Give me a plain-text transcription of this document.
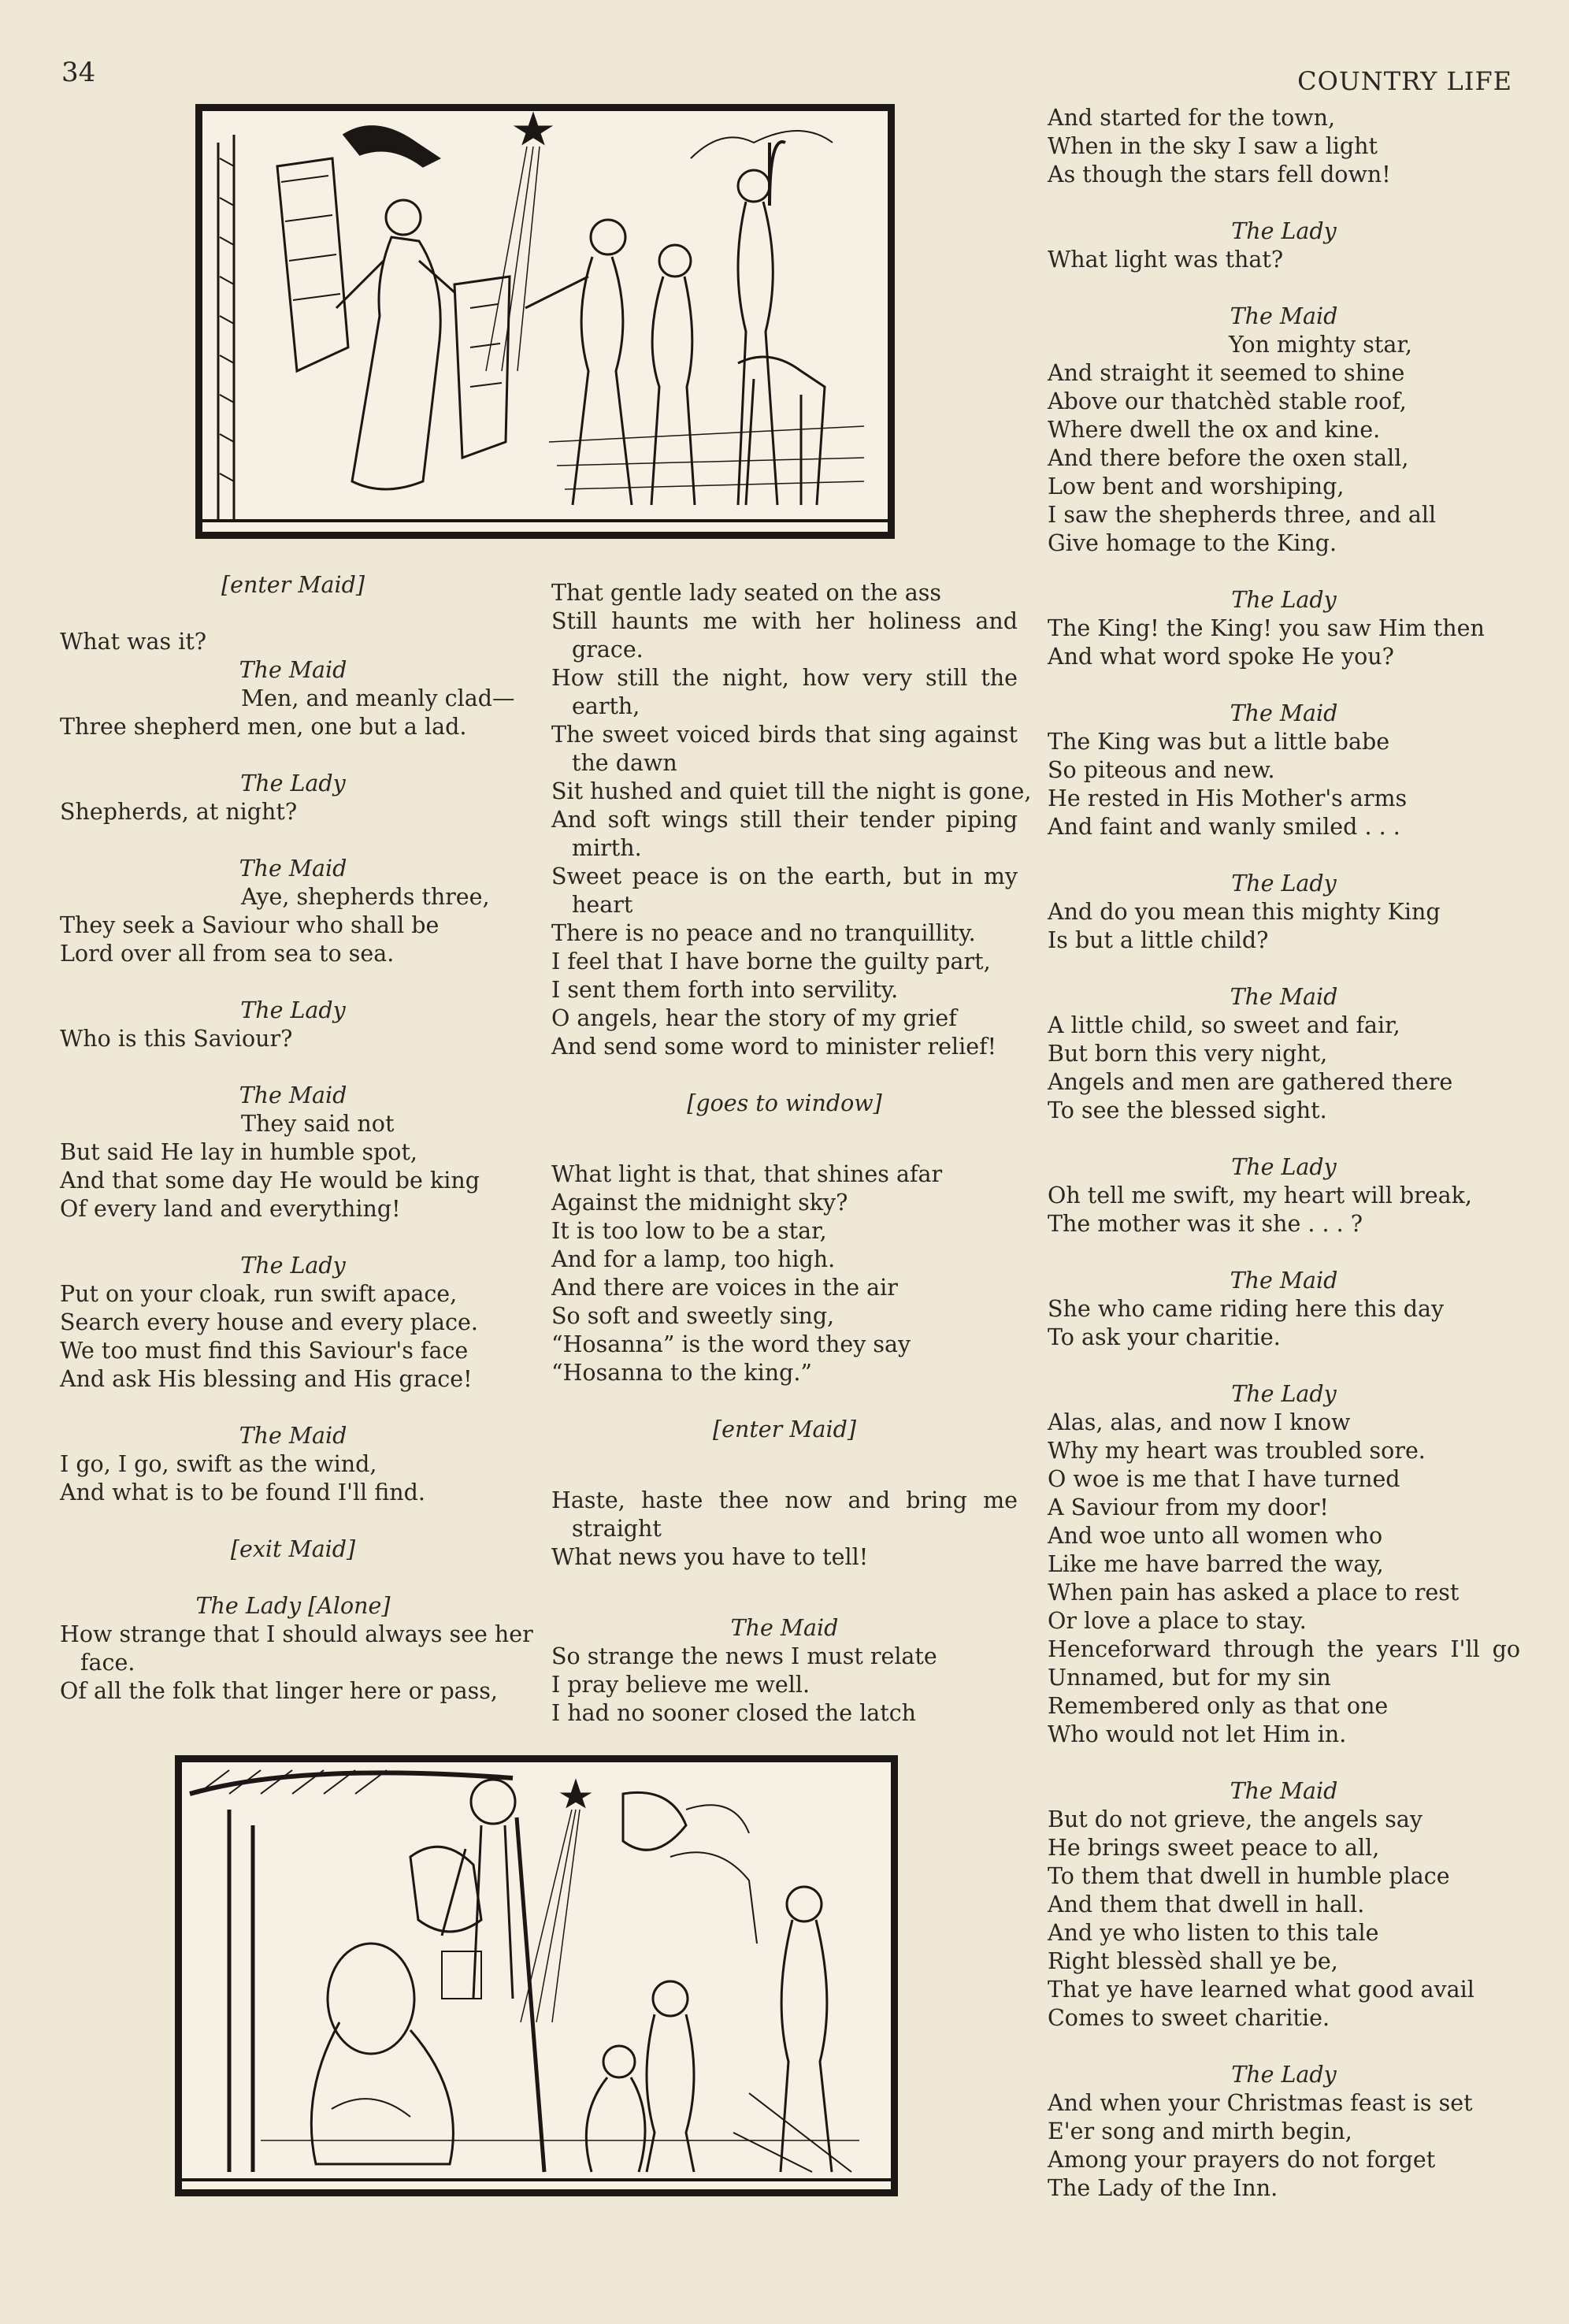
34	COUNTRY LIFE
[enter Maid]
What was it?
The Maid
Men, and meanly clad—
Three shepherd men, one but a lad.
The Lady
Shepherds, at night?
The Maid
Aye, shepherds three,
They seek a Saviour who shall be
Lord over all from sea to sea.
The Lady
Who is this Saviour?
The Maid
They said not
But said He lay in humble spot,
And that some day He would be king
Of every land and everything!
The Lady
Put on your cloak, run swift apace,
Search every house and every place.
We too must find this Saviour's face
And ask His blessing and His grace!
The Maid
I go, I go, swift as the wind,
And what is to be found I'll find.
[exit Maid]
The Lady [Alone]
How strange that I should always see her
face.
Of all the folk that linger here or pass,
That gentle lady seated on the ass
Still haunts me with her holiness and
grace.
How still the night, how very still the
earth,
The sweet voiced birds that sing against
the dawn
Sit hushed and quiet till the night is gone,
And soft wings still their tender piping
mirth.
Sweet peace is on the earth, but in my
heart
There is no peace and no tranquillity.
I feel that I have borne the guilty part,
I sent them forth into servility.
O angels, hear the story of my grief
And send some word to minister relief!
[goes to window]
What light is that, that shines afar
Against the midnight sky?
It is too low to be a star,
And for a lamp, too high.
And there are voices in the air
So soft and sweetly sing,
“Hosanna” is the word they say
“Hosanna to the king.”
[enter Maid]
Haste, haste thee now and bring me
straight
What news you have to tell!
The Maid
So strange the news I must relate
I pray believe me well.
I had no sooner closed the latch
And started for the town,
When in the sky I saw a light
As though the stars fell down!
The Lady
What light was that?
The Maid
Yon mighty star,
And straight it seemed to shine
Above our thatchèd stable roof,
Where dwell the ox and kine.
And there before the oxen stall,
Low bent and worshiping,
I saw the shepherds three, and all
Give homage to the King.
The Lady
The King! the King! you saw Him then
And what word spoke He you?
The Maid
The King was but a little babe
So piteous and new.
He rested in His Mother's arms
And faint and wanly smiled . . .
The Lady
And do you mean this mighty King
Is but a little child?
The Maid
A little child, so sweet and fair,
But born this very night,
Angels and men are gathered there
To see the blessed sight.
The Lady
Oh tell me swift, my heart will break,
The mother was it she . . . ?
The Maid
She who came riding here this day
To ask your charitie.
The Lady
Alas, alas, and now I know
Why my heart was troubled sore.
O woe is me that I have turned
A Saviour from my door!
And woe unto all women who
Like me have barred the way,
When pain has asked a place to rest
Or love a place to stay.
Henceforward through the years I'll go
Unnamed, but for my sin
Remembered only as that one
Who would not let Him in.
The Maid
But do not grieve, the angels say
He brings sweet peace to all,
To them that dwell in humble place
And them that dwell in hall.
And ye who listen to this tale
Right blessèd shall ye be,
That ye have learned what good avail
Comes to sweet charitie.
The Lady
And when your Christmas feast is set
E'er song and mirth begin,
Among your prayers do not forget
The Lady of the Inn.
